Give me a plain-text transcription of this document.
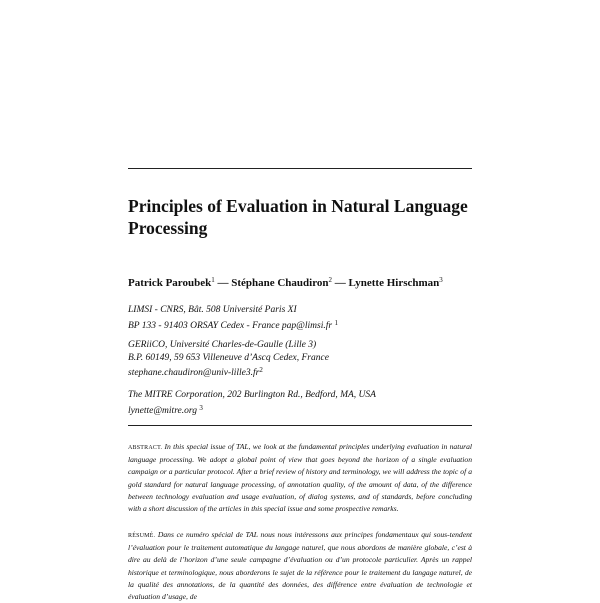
Principles of Evaluation in Natural Language Processing
Patrick Paroubek$^1$ — Stéphane Chaudiron$^2$ — Lynette Hirschman$^3$
LIMSI - CNRS, Bât. 508 Université Paris XI
BP 133 - 91403 ORSAY Cedex - France pap@limsi.fr $^1$
GERiiCO, Université Charles-de-Gaulle (Lille 3)
B.P. 60149, 59 653 Villeneuve d’Ascq Cedex, France
$stephane.chaudiron@univ-lille3.fr^2$
The MITRE Corporation, 202 Burlington Rd., Bedford, MA, USA
lynette@mitre.org $^3$

ABSTRACT. In this special issue of TAL, we look at the fundamental principles underlying evaluation in natural language processing. We adopt a global point of view that goes beyond the horizon of a single evaluation campaign or a particular protocol. After a brief review of history and terminology, we will address the topic of a gold standard for natural language processing, of annotation quality, of the amount of data, of the difference between technology evaluation and usage evaluation, of dialog systems, and of standards, before concluding with a short discussion of the articles in this special issue and some prospective remarks.

RÉSUMÉ. Dans ce numéro spécial de TAL nous nous intéressons aux principes fondamentaux qui sous-tendent l’évaluation pour le traitement automatique du langage naturel, que nous abordons de manière globale, c’est à dire au delà de l’horizon d’une seule campagne d’évaluation ou d’un protocole particulier. Après un rappel historique et terminologique, nous aborderons le sujet de la référence pour le traitement du langage naturel, de la qualité des annotations, de la quantité des données, des différence entre évaluation de technologie et évaluation d’usage, de
